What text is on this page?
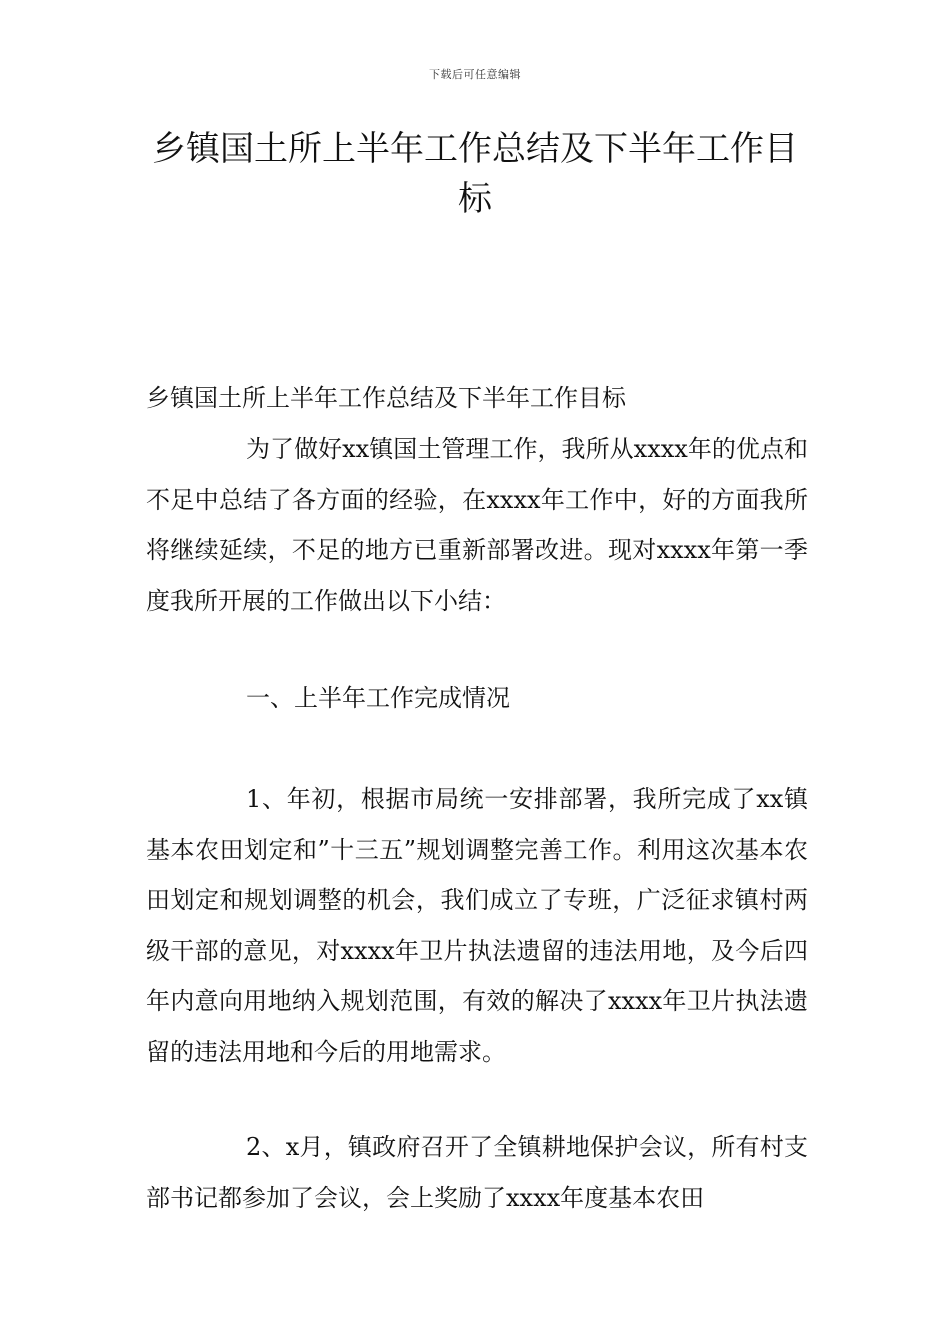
下载后可任意编辑
乡镇国土所上半年工作总结及下半年工作目标

乡镇国土所上半年工作总结及下半年工作目标

为了做好xx镇国土管理工作，我所从xxxx年的优点和不足中总结了各方面的经验，在xxxx年工作中，好的方面我所将继续延续，不足的地方已重新部署改进。现对xxxx年第一季度我所开展的工作做出以下小结：

一、上半年工作完成情况

1、年初，根据市局统一安排部署，我所完成了xx镇基本农田划定和”十三五”规划调整完善工作。利用这次基本农田划定和规划调整的机会，我们成立了专班，广泛征求镇村两级干部的意见，对xxxx年卫片执法遗留的违法用地，及今后四年内意向用地纳入规划范围，有效的解决了xxxx年卫片执法遗留的违法用地和今后的用地需求。

2、x月，镇政府召开了全镇耕地保护会议，所有村支部书记都参加了会议，会上奖励了xxxx年度基本农田
